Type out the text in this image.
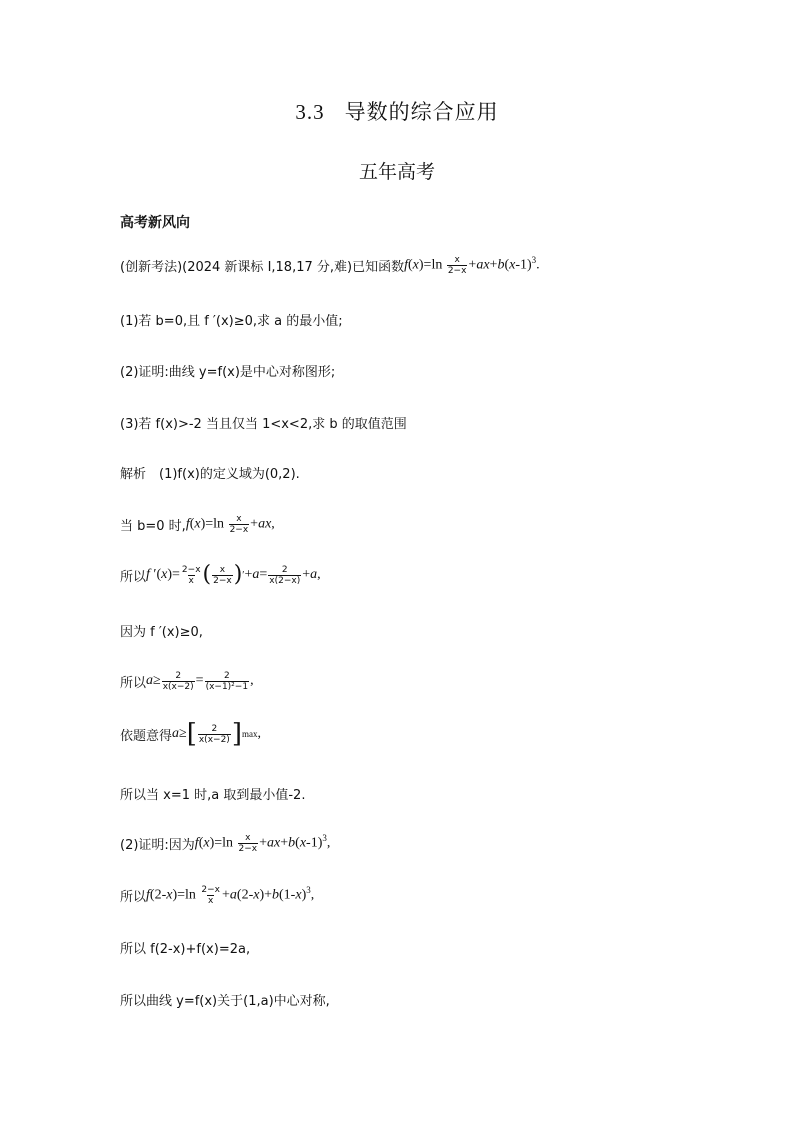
3.3 导数的综合应用
五年高考
高考新风向
(创新考法)(2024 新课标 Ⅰ,18,17 分,难)已知函数 $f(x)=\ln \frac{x}{2-x} +ax+b(x-1)^3$.
(1)若 b=0,且 f ′(x)≥0,求 a 的最小值;
(2)证明:曲线 y=f(x)是中心对称图形;
(3)若 f(x)>-2 当且仅当 1<x<2,求 b 的取值范围
解析　(1)f(x)的定义域为(0,2).
当 b=0 时, $f(x)=\ln \frac{x}{2-x} +ax$,
所以 f $'(x)= \frac{2-x}{x}$ ( $\frac{x}{2-x}$ ) ′ $+a= \frac{2}{x(2-x)} +a$,
因为 f ′(x)≥0,
所以 $a\ge \frac{2}{x(x-2)} = \frac{2}{\text{(x−1)²−1}}$ ,
依题意得 a≥ [ $\frac{2}{x(x-2)}$ ] max ,
所以当 x=1 时,a 取到最小值-2.
(2)证明:因为 $f(x)=\ln \frac{x}{2-x} +ax+b(x-1)^3$,
所以 $f(2-x)=\ln \frac{2-x}{x} +a(2-x)+b(1-x)^3$,
所以 f(2-x)+f(x)=2a,
所以曲线 y=f(x)关于(1,a)中心对称,
